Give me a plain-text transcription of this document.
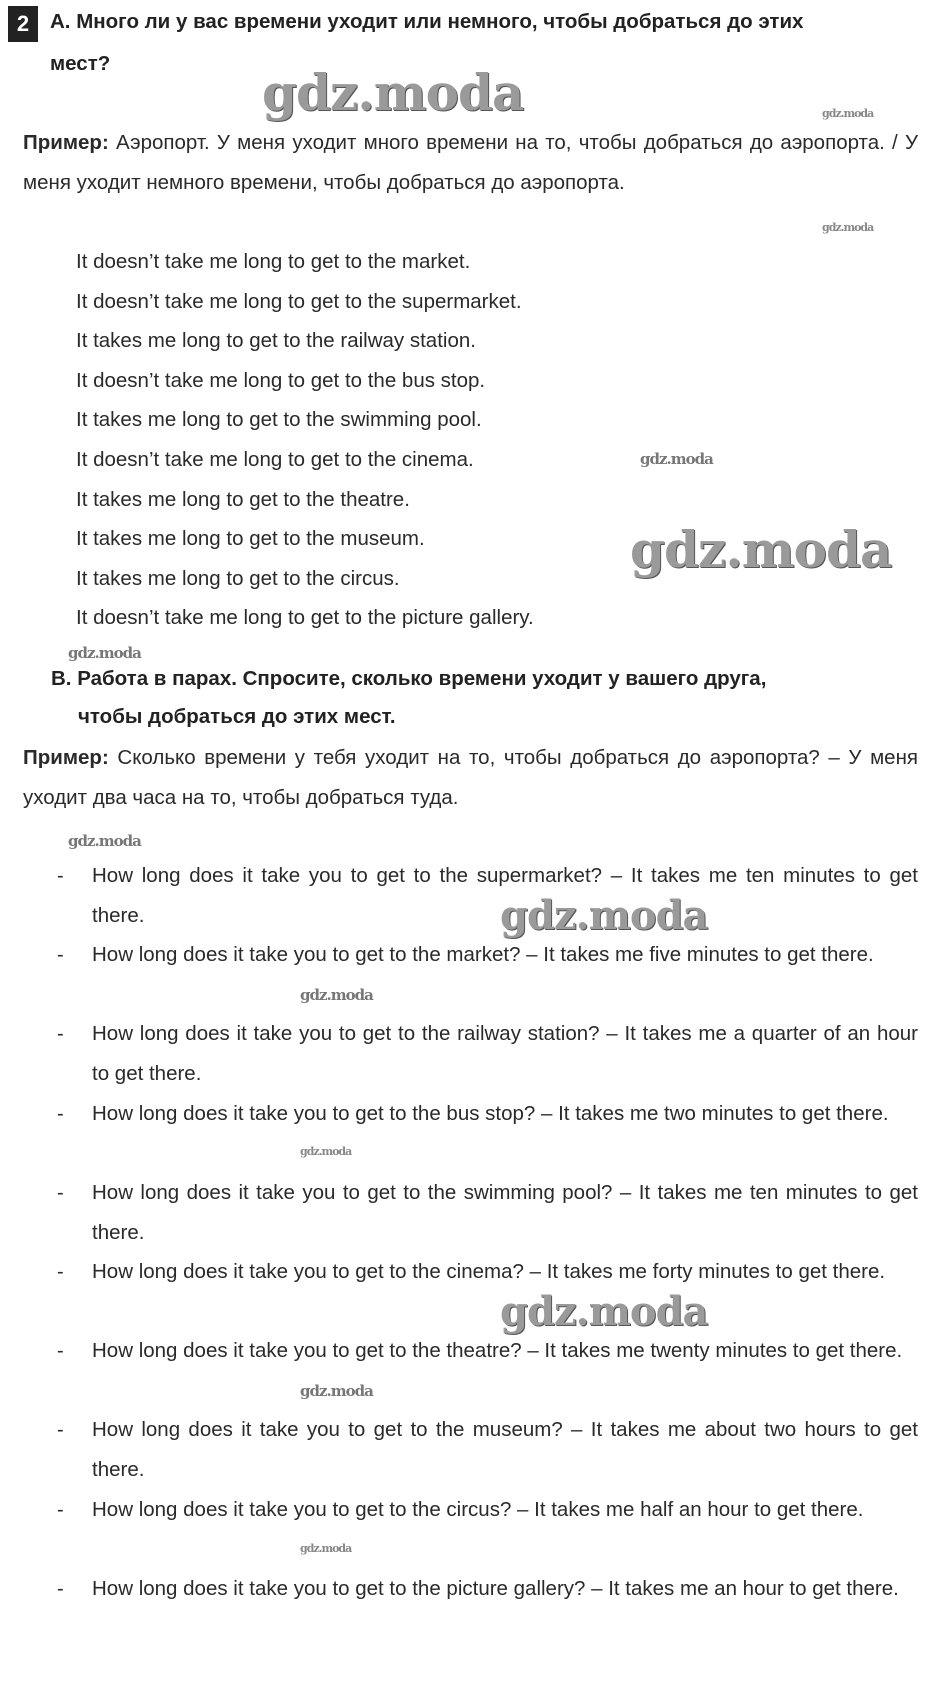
2	А. Много ли у вас времени уходит или немного, чтобы добраться до этих
мест?
Пример: Аэропорт. У меня уходит много времени на то, чтобы добраться до аэропорта. / У меня уходит немного времени, чтобы добраться до аэропорта.
It doesn’t take me long to get to the market.
It doesn’t take me long to get to the supermarket.
It takes me long to get to the railway station.
It doesn’t take me long to get to the bus stop.
It takes me long to get to the swimming pool.
It doesn’t take me long to get to the cinema.
It takes me long to get to the theatre.
It takes me long to get to the museum.
It takes me long to get to the circus.
It doesn’t take me long to get to the picture gallery.
B. Работа в парах. Спросите, сколько времени уходит у вашего друга,
чтобы добраться до этих мест.
Пример: Сколько времени у тебя уходит на то, чтобы добраться до аэропорта? – У меня уходит два часа на то, чтобы добраться туда.
- How long does it take you to get to the supermarket? – It takes me ten minutes to get there.
- How long does it take you to get to the market? – It takes me five minutes to get there.
- How long does it take you to get to the railway station? – It takes me a quarter of an hour to get there.
- How long does it take you to get to the bus stop? – It takes me two minutes to get there.
- How long does it take you to get to the swimming pool? – It takes me ten minutes to get there.
- How long does it take you to get to the cinema? – It takes me forty minutes to get there.
- How long does it take you to get to the theatre? – It takes me twenty minutes to get there.
- How long does it take you to get to the museum? – It takes me about two hours to get there.
- How long does it take you to get to the circus? – It takes me half an hour to get there.
- How long does it take you to get to the picture gallery? – It takes me an hour to get there.
gdz.moda	gdz.moda
gdz.moda
gdz.moda
gdz.moda
gdz.moda
gdz.moda
gdz.moda
gdz.moda
gdz.moda
gdz.moda
gdz.moda
gdz.moda
